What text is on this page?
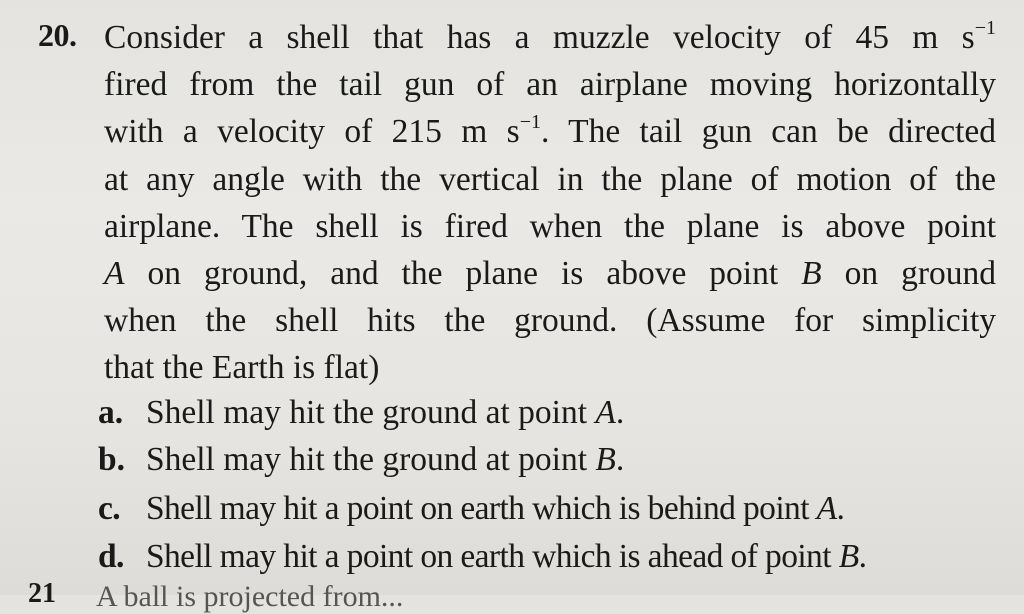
20. Consider a shell that has a muzzle velocity of 45 m $s^{-1}$
fired from the tail gun of an airplane moving horizontally
with a velocity of 215 m $s^{-1}$. The tail gun can be directed
at any angle with the vertical in the plane of motion of the
airplane. The shell is fired when the plane is above point
A on ground, and the plane is above point B on ground
when the shell hits the ground. (Assume for simplicity
that the Earth is flat)
a. Shell may hit the ground at point A.
b. Shell may hit the ground at point B.
c. Shell may hit a point on earth which is behind point A.
d. Shell may hit a point on earth which is ahead of point B.
21 A ball is projected from...
